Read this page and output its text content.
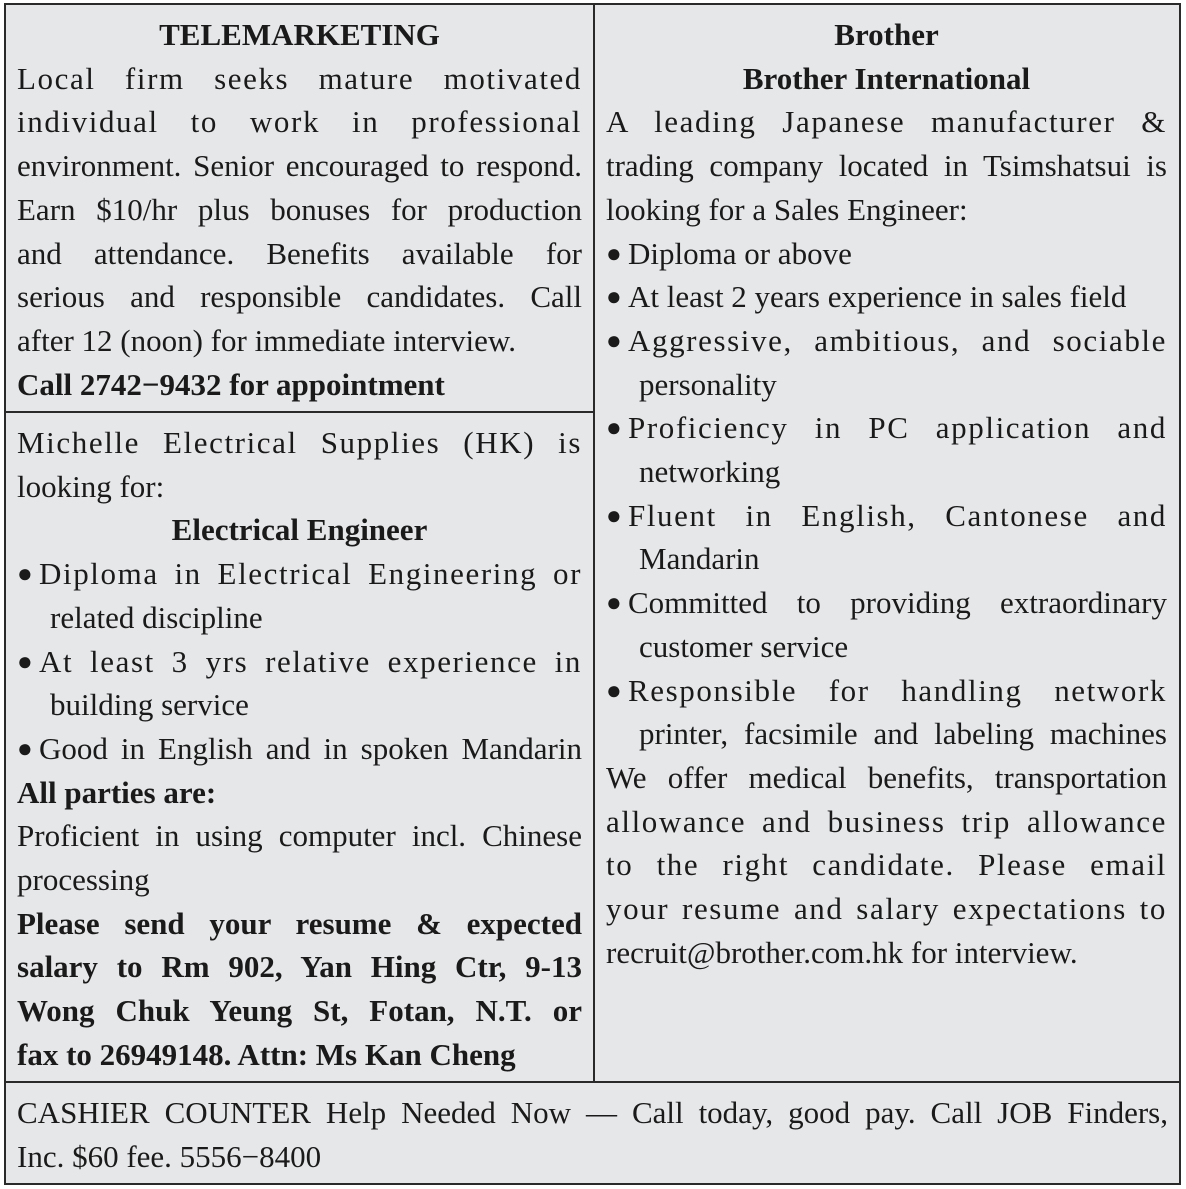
TELEMARKETING
Local firm seeks mature motivated
individual to work in professional
environment. Senior encouraged to respond.
Earn $10/hr plus bonuses for production
and attendance. Benefits available for
serious and responsible candidates. Call
after 12 (noon) for immediate interview.
Call 2742−9432 for appointment
Michelle Electrical Supplies (HK) is
looking for:
Electrical Engineer
● Diploma in Electrical Engineering or
related discipline
● At least 3 yrs relative experience in
building service
● Good in English and in spoken Mandarin
All parties are:
Proficient in using computer incl. Chinese
processing
Please send your resume & expected
salary to Rm 902, Yan Hing Ctr, 9-13
Wong Chuk Yeung St, Fotan, N.T. or
fax to 26949148. Attn: Ms Kan Cheng
Brother
Brother International
A leading Japanese manufacturer &
trading company located in Tsimshatsui is
looking for a Sales Engineer:
● Diploma or above
● At least 2 years experience in sales field
● Aggressive, ambitious, and sociable
personality
● Proficiency in PC application and
networking
● Fluent in English, Cantonese and
Mandarin
● Committed to providing extraordinary
customer service
● Responsible for handling network
printer, facsimile and labeling machines
We offer medical benefits, transportation
allowance and business trip allowance
to the right candidate. Please email
your resume and salary expectations to
recruit@brother.com.hk for interview.
CASHIER COUNTER Help Needed Now — Call today, good pay. Call JOB Finders,
Inc. $60 fee. 5556−8400
